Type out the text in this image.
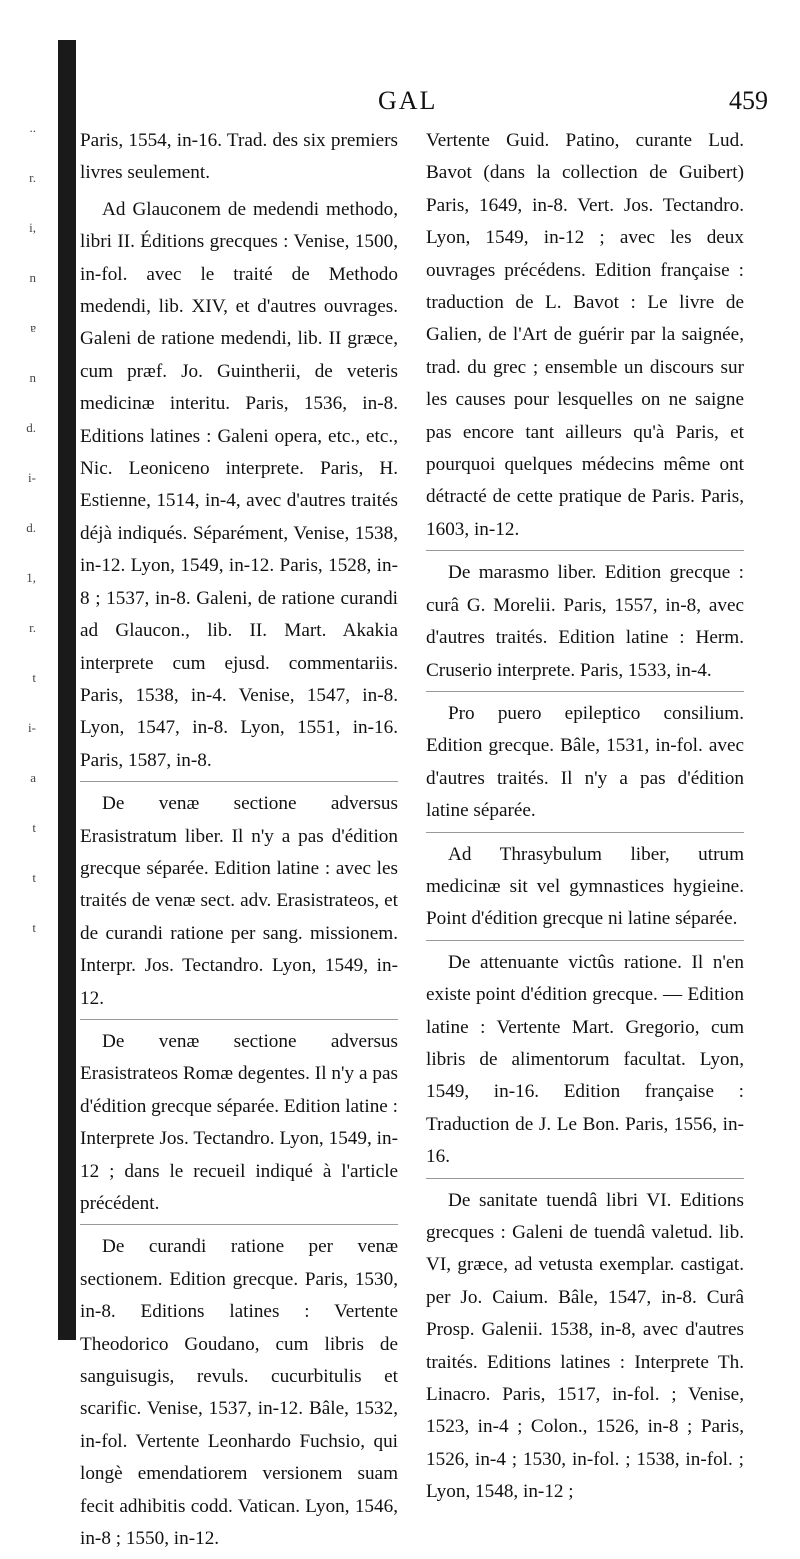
..
r.
i,
n
ɐ
n
d.
i-
d.
1,
r.
t
i-
a
t
t
t
GAL	459

Paris, 1554, in-16. Trad. des six premiers livres seulement.

Ad Glauconem de medendi methodo, libri II. Éditions grecques : Venise, 1500, in-fol. avec le traité de Methodo medendi, lib. XIV, et d'autres ouvrages. Galeni de ratione medendi, lib. II græce, cum præf. Jo. Guintherii, de veteris medicinæ interitu. Paris, 1536, in-8. Editions latines : Galeni opera, etc., etc., Nic. Leoniceno interprete. Paris, H. Estienne, 1514, in-4, avec d'autres traités déjà indiqués. Séparément, Venise, 1538, in-12. Lyon, 1549, in-12. Paris, 1528, in-8 ; 1537, in-8. Galeni, de ratione curandi ad Glaucon., lib. II. Mart. Akakia interprete cum ejusd. commentariis. Paris, 1538, in-4. Venise, 1547, in-8. Lyon, 1547, in-8. Lyon, 1551, in-16. Paris, 1587, in-8.

De venæ sectione adversus Erasistratum liber. Il n'y a pas d'édition grecque séparée. Edition latine : avec les traités de venæ sect. adv. Erasistrateos, et de curandi ratione per sang. missionem. Interpr. Jos. Tectandro. Lyon, 1549, in-12.

De venæ sectione adversus Erasistrateos Romæ degentes. Il n'y a pas d'édition grecque séparée. Edition latine : Interprete Jos. Tectandro. Lyon, 1549, in-12 ; dans le recueil indiqué à l'article précédent.

De curandi ratione per venæ sectionem. Edition grecque. Paris, 1530, in-8. Editions latines : Vertente Theodorico Goudano, cum libris de sanguisugis, revuls. cucurbitulis et scarific. Venise, 1537, in-12. Bâle, 1532, in-fol. Vertente Leonhardo Fuchsio, qui longè emendatiorem versionem suam fecit adhibitis codd. Vatican. Lyon, 1546, in-8 ; 1550, in-12.

Vertente Guid. Patino, curante Lud. Bavot (dans la collection de Guibert) Paris, 1649, in-8. Vert. Jos. Tectandro. Lyon, 1549, in-12 ; avec les deux ouvrages précédens. Edition française : traduction de L. Bavot : Le livre de Galien, de l'Art de guérir par la saignée, trad. du grec ; ensemble un discours sur les causes pour lesquelles on ne saigne pas encore tant ailleurs qu'à Paris, et pourquoi quelques médecins même ont détracté de cette pratique de Paris. Paris, 1603, in-12.

De marasmo liber. Edition grecque : curâ G. Morelii. Paris, 1557, in-8, avec d'autres traités. Edition latine : Herm. Cruserio interprete. Paris, 1533, in-4.

Pro puero epileptico consilium. Edition grecque. Bâle, 1531, in-fol. avec d'autres traités. Il n'y a pas d'édition latine séparée.

Ad Thrasybulum liber, utrum medicinæ sit vel gymnastices hygieine. Point d'édition grecque ni latine séparée.

De attenuante victûs ratione. Il n'en existe point d'édition grecque. — Edition latine : Vertente Mart. Gregorio, cum libris de alimentorum facultat. Lyon, 1549, in-16. Edition française : Traduction de J. Le Bon. Paris, 1556, in-16.

De sanitate tuendâ libri VI. Editions grecques : Galeni de tuendâ valetud. lib. VI, græce, ad vetusta exemplar. castigat. per Jo. Caium. Bâle, 1547, in-8. Curâ Prosp. Galenii. 1538, in-8, avec d'autres traités. Editions latines : Interprete Th. Linacro. Paris, 1517, in-fol. ; Venise, 1523, in-4 ; Colon., 1526, in-8 ; Paris, 1526, in-4 ; 1530, in-fol. ; 1538, in-fol. ; Lyon, 1548, in-12 ;
